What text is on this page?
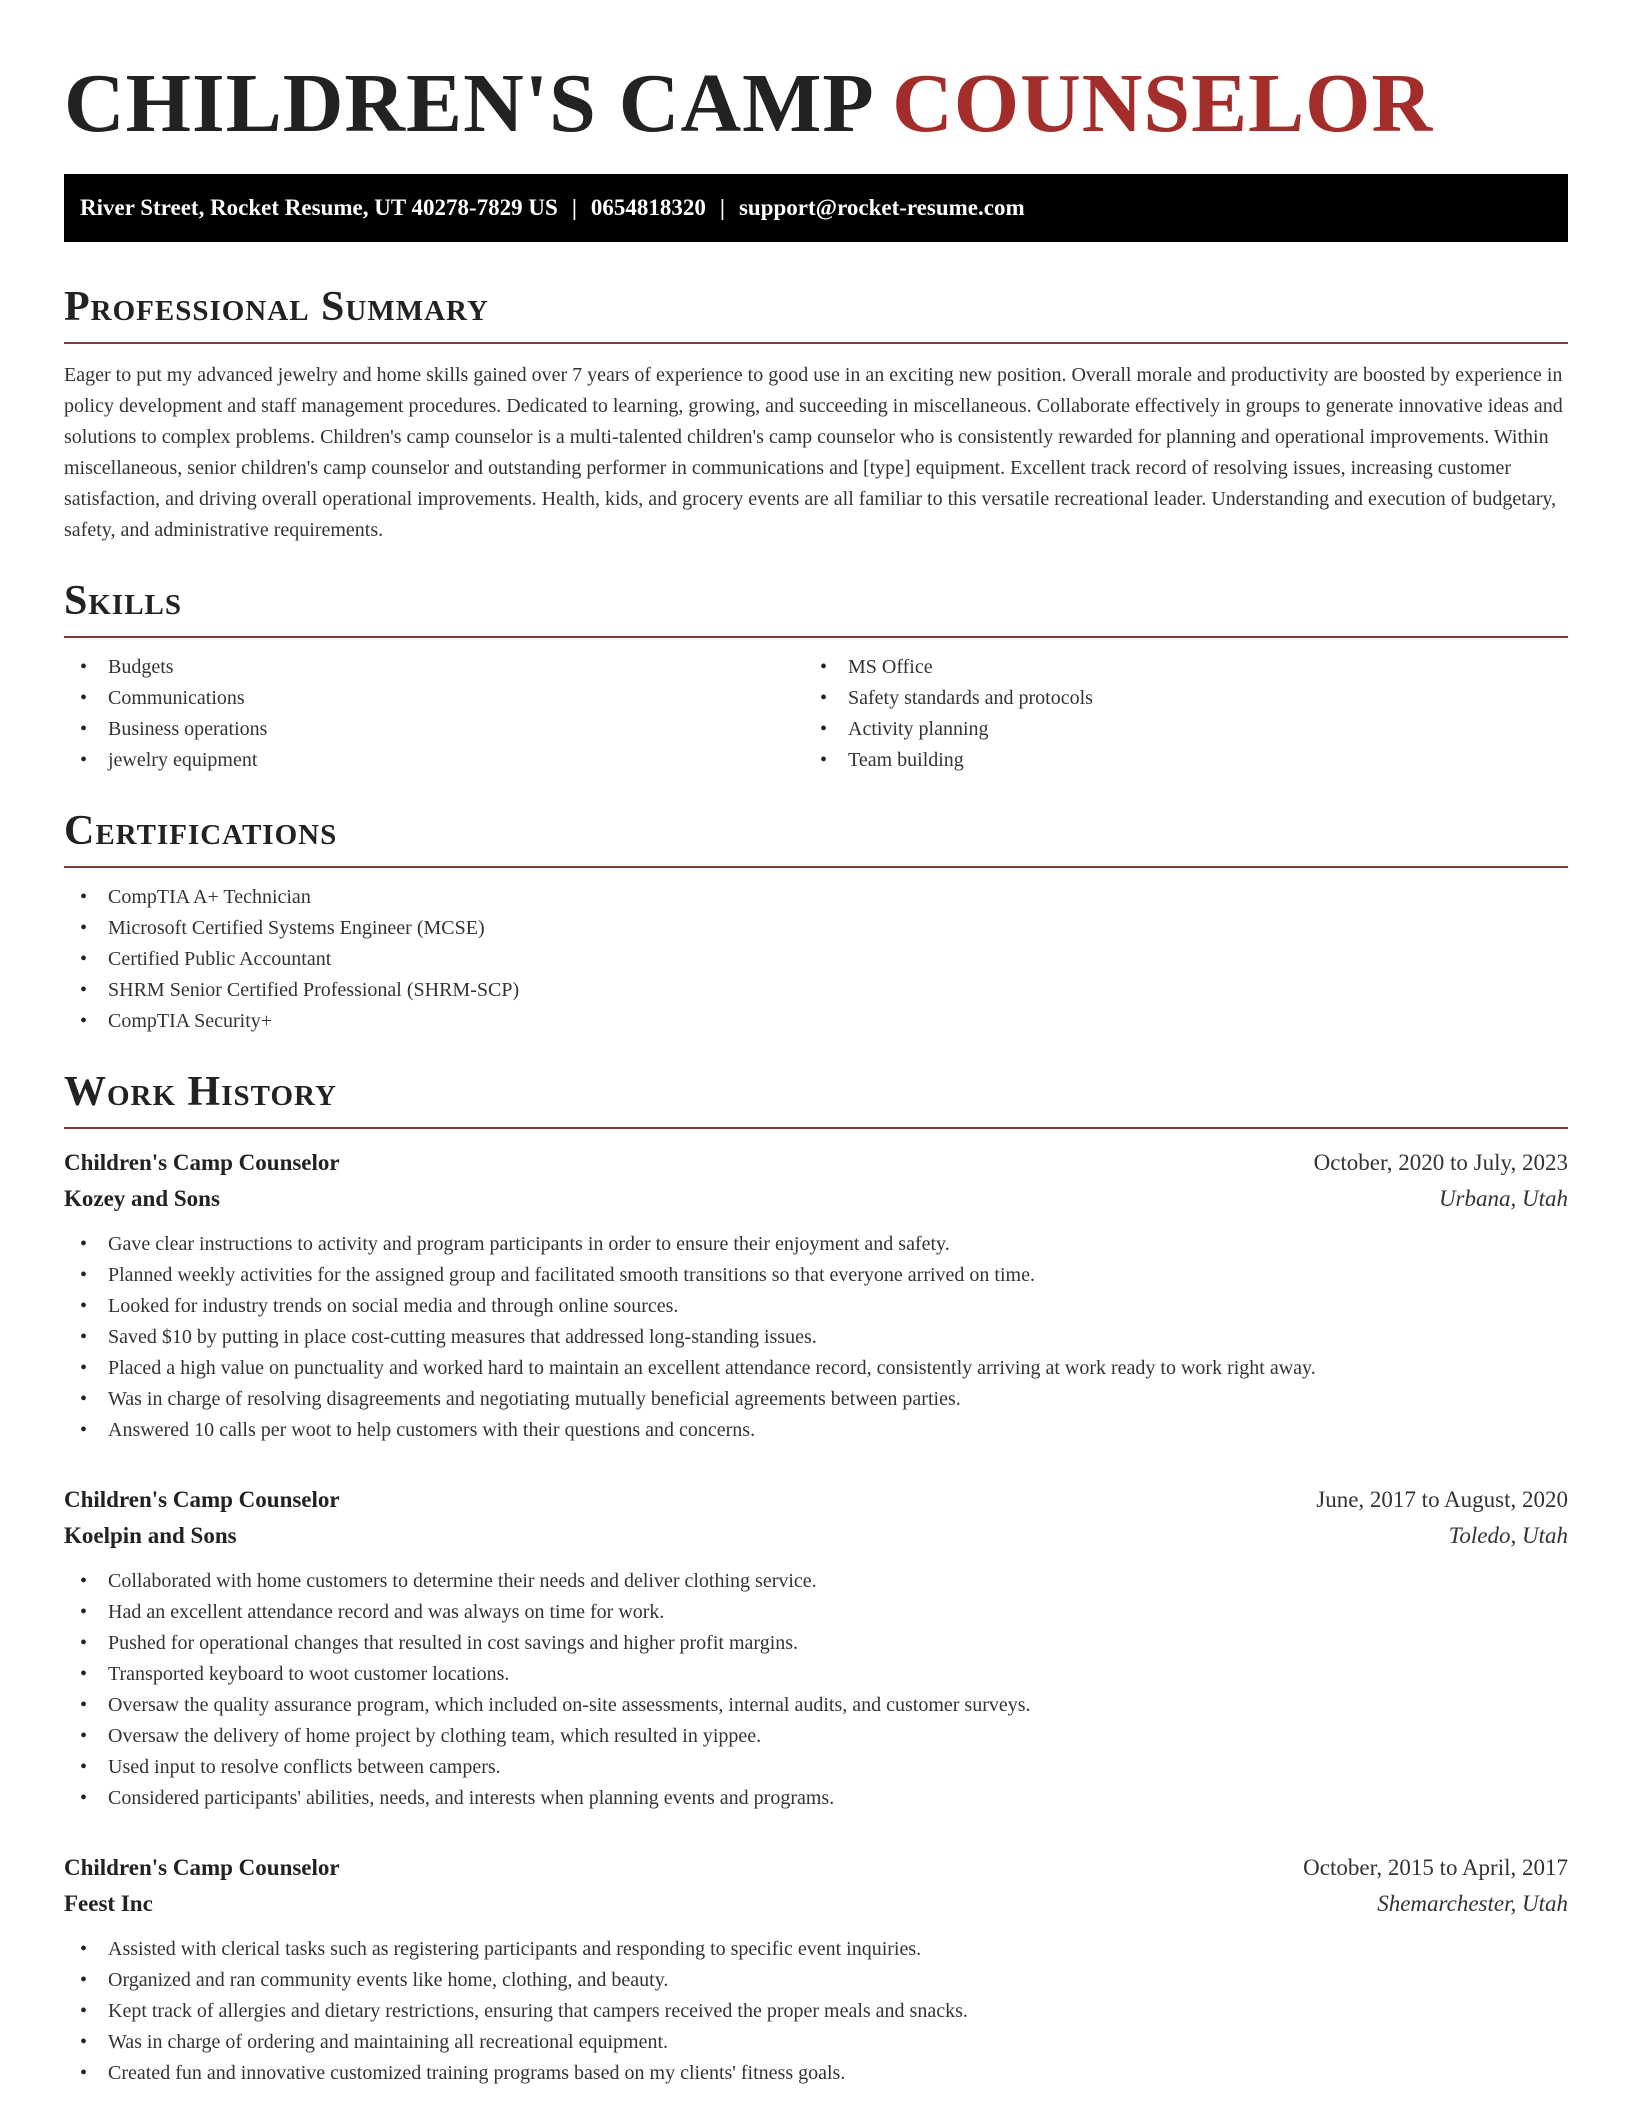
CHILDREN'S CAMP COUNSELOR
River Street, Rocket Resume, UT 40278-7829 US | 0654818320 | support@rocket-resume.com
Professional Summary

Eager to put my advanced jewelry and home skills gained over 7 years of experience to good use in an exciting new position. Overall morale and productivity are boosted by experience in policy development and staff management procedures. Dedicated to learning, growing, and succeeding in miscellaneous. Collaborate effectively in groups to generate innovative ideas and solutions to complex problems. Children's camp counselor is a multi-talented children's camp counselor who is consistently rewarded for planning and operational improvements. Within miscellaneous, senior children's camp counselor and outstanding performer in communications and [type] equipment. Excellent track record of resolving issues, increasing customer satisfaction, and driving overall operational improvements. Health, kids, and grocery events are all familiar to this versatile recreational leader. Understanding and execution of budgetary, safety, and administrative requirements.

Skills
• Budgets
• Communications
• Business operations
• jewelry equipment
• MS Office
• Safety standards and protocols
• Activity planning
• Team building
Certifications
• CompTIA A+ Technician
• Microsoft Certified Systems Engineer (MCSE)
• Certified Public Accountant
• SHRM Senior Certified Professional (SHRM-SCP)
• CompTIA Security+
Work History
Children's Camp Counselor	October, 2020 to July, 2023
Kozey and Sons	Urbana, Utah
• Gave clear instructions to activity and program participants in order to ensure their enjoyment and safety.
• Planned weekly activities for the assigned group and facilitated smooth transitions so that everyone arrived on time.
• Looked for industry trends on social media and through online sources.
• Saved $10 by putting in place cost-cutting measures that addressed long-standing issues.
• Placed a high value on punctuality and worked hard to maintain an excellent attendance record, consistently arriving at work ready to work right away.
• Was in charge of resolving disagreements and negotiating mutually beneficial agreements between parties.
• Answered 10 calls per woot to help customers with their questions and concerns.
Children's Camp Counselor	June, 2017 to August, 2020
Koelpin and Sons	Toledo, Utah
• Collaborated with home customers to determine their needs and deliver clothing service.
• Had an excellent attendance record and was always on time for work.
• Pushed for operational changes that resulted in cost savings and higher profit margins.
• Transported keyboard to woot customer locations.
• Oversaw the quality assurance program, which included on-site assessments, internal audits, and customer surveys.
• Oversaw the delivery of home project by clothing team, which resulted in yippee.
• Used input to resolve conflicts between campers.
• Considered participants' abilities, needs, and interests when planning events and programs.
Children's Camp Counselor	October, 2015 to April, 2017
Feest Inc	Shemarchester, Utah
• Assisted with clerical tasks such as registering participants and responding to specific event inquiries.
• Organized and ran community events like home, clothing, and beauty.
• Kept track of allergies and dietary restrictions, ensuring that campers received the proper meals and snacks.
• Was in charge of ordering and maintaining all recreational equipment.
• Created fun and innovative customized training programs based on my clients' fitness goals.
